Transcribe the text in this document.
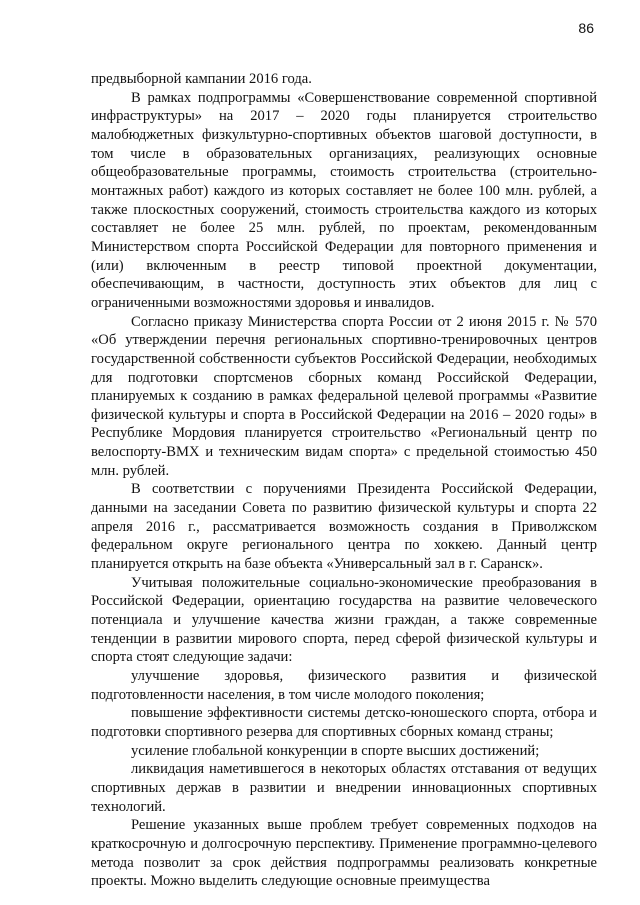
86

предвыборной кампании 2016 года.

В рамках подпрограммы «Совершенствование современной спортивной инфраструктуры» на 2017 – 2020 годы планируется строительство малобюджетных физкультурно-спортивных объектов шаговой доступности, в том числе в образовательных организациях, реализующих основные общеобразовательные программы, стоимость строительства (строительно-монтажных работ) каждого из которых составляет не более 100 млн. рублей, а также плоскостных сооружений, стоимость строительства каждого из которых составляет не более 25 млн. рублей, по проектам, рекомендованным Министерством спорта Российской Федерации для повторного применения и (или) включенным в реестр типовой проектной документации, обеспечивающим, в частности, доступность этих объектов для лиц с ограниченными возможностями здоровья и инвалидов.

Согласно приказу Министерства спорта России от 2 июня 2015 г. № 570 «Об утверждении перечня региональных спортивно-тренировочных центров государственной собственности субъектов Российской Федерации, необходимых для подготовки спортсменов сборных команд Российской Федерации, планируемых к созданию в рамках федеральной целевой программы «Развитие физической культуры и спорта в Российской Федерации на 2016 – 2020 годы» в Республике Мордовия планируется строительство «Региональный центр по велоспорту-ВМХ и техническим видам спорта» с предельной стоимостью 450 млн. рублей.

В соответствии с поручениями Президента Российской Федерации, данными на заседании Совета по развитию физической культуры и спорта 22 апреля 2016 г., рассматривается возможность создания в Приволжском федеральном округе регионального центра по хоккею. Данный центр планируется открыть на базе объекта «Универсальный зал в г. Саранск».

Учитывая положительные социально-экономические преобразования в Российской Федерации, ориентацию государства на развитие человеческого потенциала и улучшение качества жизни граждан, а также современные тенденции в развитии мирового спорта, перед сферой физической культуры и спорта стоят следующие задачи:

улучшение здоровья, физического развития и физической подготовленности населения, в том числе молодого поколения;

повышение эффективности системы детско-юношеского спорта, отбора и подготовки спортивного резерва для спортивных сборных команд страны;

усиление глобальной конкуренции в спорте высших достижений;

ликвидация наметившегося в некоторых областях отставания от ведущих спортивных держав в развитии и внедрении инновационных спортивных технологий.

Решение указанных выше проблем требует современных подходов на краткосрочную и долгосрочную перспективу. Применение программно-целевого метода позволит за срок действия подпрограммы реализовать конкретные проекты. Можно выделить следующие основные преимущества
